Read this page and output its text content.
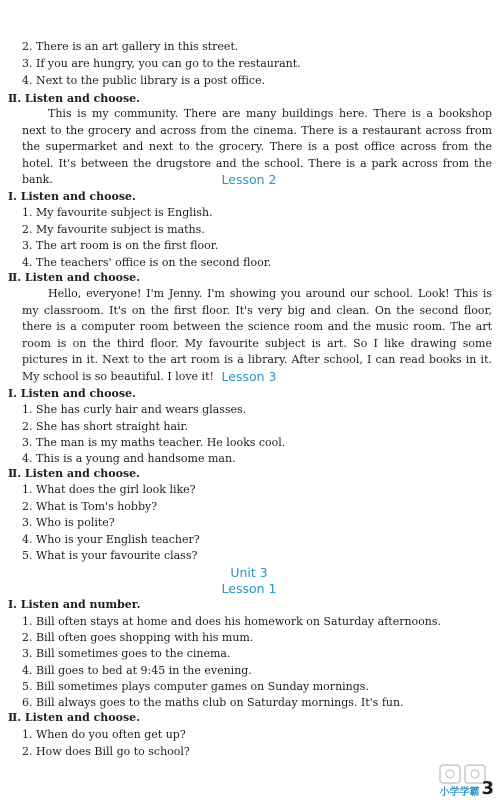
2. There is an art gallery in this street.
3. If you are hungry, you can go to the restaurant.
4. Next to the public library is a post office.
Ⅱ. Listen and choose.
This is my community. There are many buildings here. There is a bookshop next to the grocery and across from the cinema. There is a restaurant across from the supermarket and next to the grocery. There is a post office across from the hotel. It's between the drugstore and the school. There is a park across from the bank.	Lesson 2
Ⅰ. Listen and choose.
1. My favourite subject is English.
2. My favourite subject is maths.
3. The art room is on the first floor.
4. The teachers' office is on the second floor.
Ⅱ. Listen and choose.
Hello, everyone! I'm Jenny. I'm showing you around our school. Look! This is my classroom. It's on the first floor. It's very big and clean. On the second floor, there is a computer room between the science room and the music room. The art room is on the third floor. My favourite subject is art. So I like drawing some pictures in it. Next to the art room is a library. After school, I can read books in it. My school is so beautiful. I love it! Lesson 3
Ⅰ. Listen and choose.
1. She has curly hair and wears glasses.
2. She has short straight hair.
3. The man is my maths teacher. He looks cool.
4. This is a young and handsome man.
Ⅱ. Listen and choose.
1. What does the girl look like?
2. What is Tom's hobby?
3. Who is polite?
4. Who is your English teacher?
5. What is your favourite class?
Unit 3
Lesson 1
Ⅰ. Listen and number.
1. Bill often stays at home and does his homework on Saturday afternoons.
2. Bill often goes shopping with his mum.
3. Bill sometimes goes to the cinema.
4. Bill goes to bed at 9:45 in the evening.
5. Bill sometimes plays computer games on Sunday mornings.
6. Bill always goes to the maths club on Saturday mornings. It's fun.
Ⅱ. Listen and choose.
1. When do you often get up?
2. How does Bill go to school?
小学学霸 3
